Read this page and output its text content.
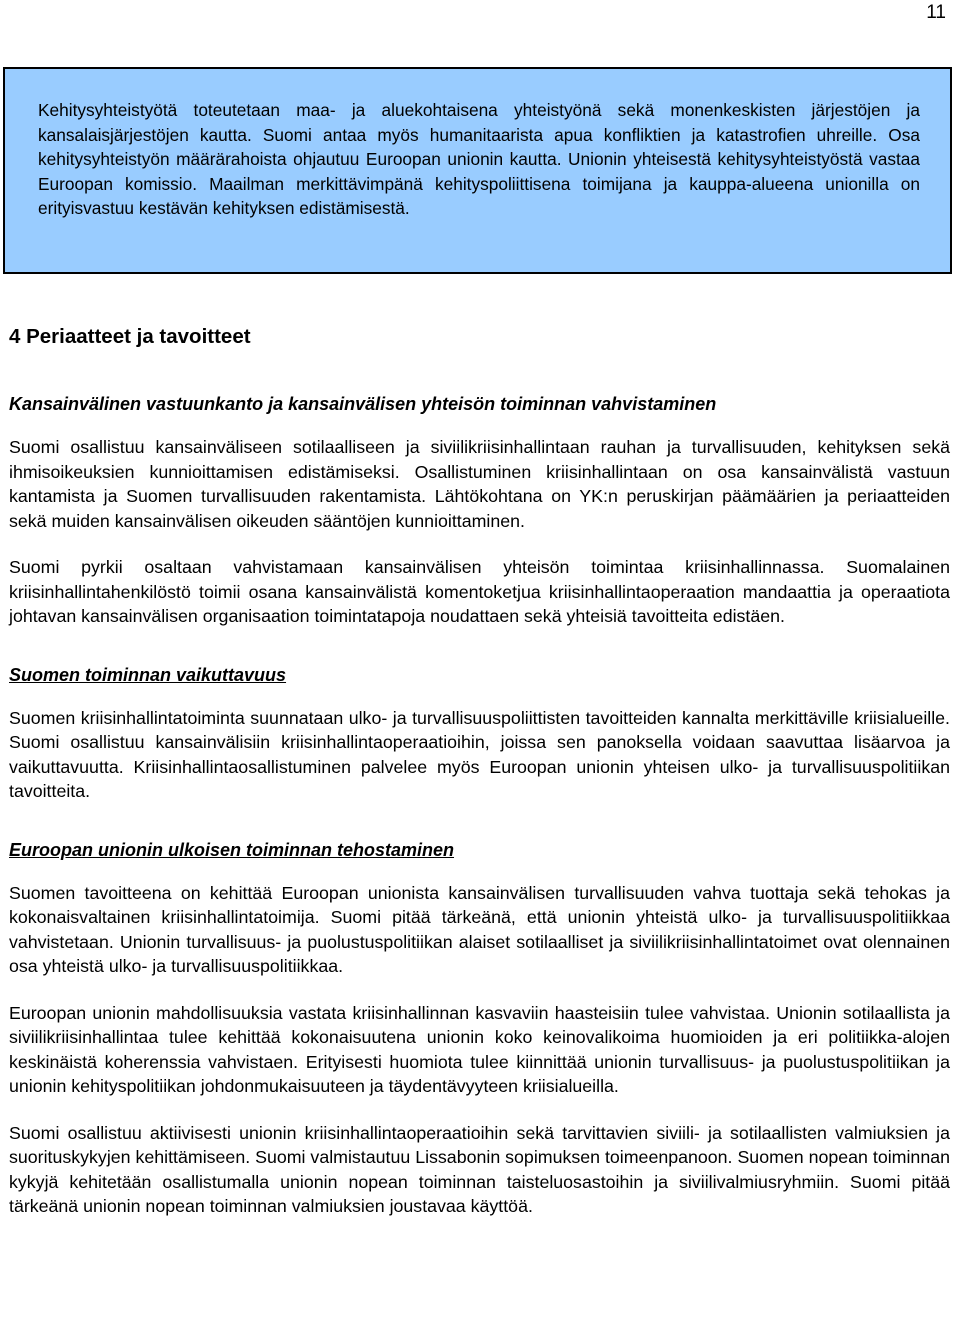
11
Kehitysyhteistyötä toteutetaan maa- ja aluekohtaisena yhteistyönä sekä monenkeskisten järjestöjen ja kansalaisjärjestöjen kautta. Suomi antaa myös humanitaarista apua konfliktien ja katastrofien uhreille. Osa kehitysyhteistyön määrärahoista ohjautuu Euroopan unionin kautta. Unionin yhteisestä kehitysyhteistyöstä vastaa Euroopan komissio. Maailman merkittävimpänä kehityspoliittisena toimijana ja kauppa-alueena unionilla on erityisvastuu kestävän kehityksen edistämisestä.
4 Periaatteet ja tavoitteet
Kansainvälinen vastuunkanto ja kansainvälisen yhteisön toiminnan vahvistaminen

Suomi osallistuu kansainväliseen sotilaalliseen ja siviilikriisinhallintaan rauhan ja turvallisuuden, kehityksen sekä ihmisoikeuksien kunnioittamisen edistämiseksi. Osallistuminen kriisinhallintaan on osa kansainvälistä vastuun kantamista ja Suomen turvallisuuden rakentamista. Lähtökohtana on YK:n peruskirjan päämäärien ja periaatteiden sekä muiden kansainvälisen oikeuden sääntöjen kunnioittaminen.

Suomi pyrkii osaltaan vahvistamaan kansainvälisen yhteisön toimintaa kriisinhallinnassa. Suomalainen kriisinhallintahenkilöstö toimii osana kansainvälistä komentoketjua kriisinhallintaoperaation mandaattia ja operaatiota johtavan kansainvälisen organisaation toimintatapoja noudattaen sekä yhteisiä tavoitteita edistäen.

Suomen toiminnan vaikuttavuus

Suomen kriisinhallintatoiminta suunnataan ulko- ja turvallisuuspoliittisten tavoitteiden kannalta merkittäville kriisialueille. Suomi osallistuu kansainvälisiin kriisinhallintaoperaatioihin, joissa sen panoksella voidaan saavuttaa lisäarvoa ja vaikuttavuutta. Kriisinhallintaosallistuminen palvelee myös Euroopan unionin yhteisen ulko- ja turvallisuuspolitiikan tavoitteita.

Euroopan unionin ulkoisen toiminnan tehostaminen

Suomen tavoitteena on kehittää Euroopan unionista kansainvälisen turvallisuuden vahva tuottaja sekä tehokas ja kokonaisvaltainen kriisinhallintatoimija. Suomi pitää tärkeänä, että unionin yhteistä ulko- ja turvallisuuspolitiikkaa vahvistetaan. Unionin turvallisuus- ja puolustuspolitiikan alaiset sotilaalliset ja siviilikriisinhallintatoimet ovat olennainen osa yhteistä ulko- ja turvallisuuspolitiikkaa.

Euroopan unionin mahdollisuuksia vastata kriisinhallinnan kasvaviin haasteisiin tulee vahvistaa. Unionin sotilaallista ja siviilikriisinhallintaa tulee kehittää kokonaisuutena unionin koko keinovalikoima huomioiden ja eri politiikka-alojen keskinäistä koherenssia vahvistaen. Erityisesti huomiota tulee kiinnittää unionin turvallisuus- ja puolustuspolitiikan ja unionin kehityspolitiikan johdonmukaisuuteen ja täydentävyyteen kriisialueilla.

Suomi osallistuu aktiivisesti unionin kriisinhallintaoperaatioihin sekä tarvittavien siviili- ja sotilaallisten valmiuksien ja suorituskykyjen kehittämiseen. Suomi valmistautuu Lissabonin sopimuksen toimeenpanoon. Suomen nopean toiminnan kykyjä kehitetään osallistumalla unionin nopean toiminnan taisteluosastoihin ja siviilivalmiusryhmiin. Suomi pitää tärkeänä unionin nopean toiminnan valmiuksien joustavaa käyttöä.
